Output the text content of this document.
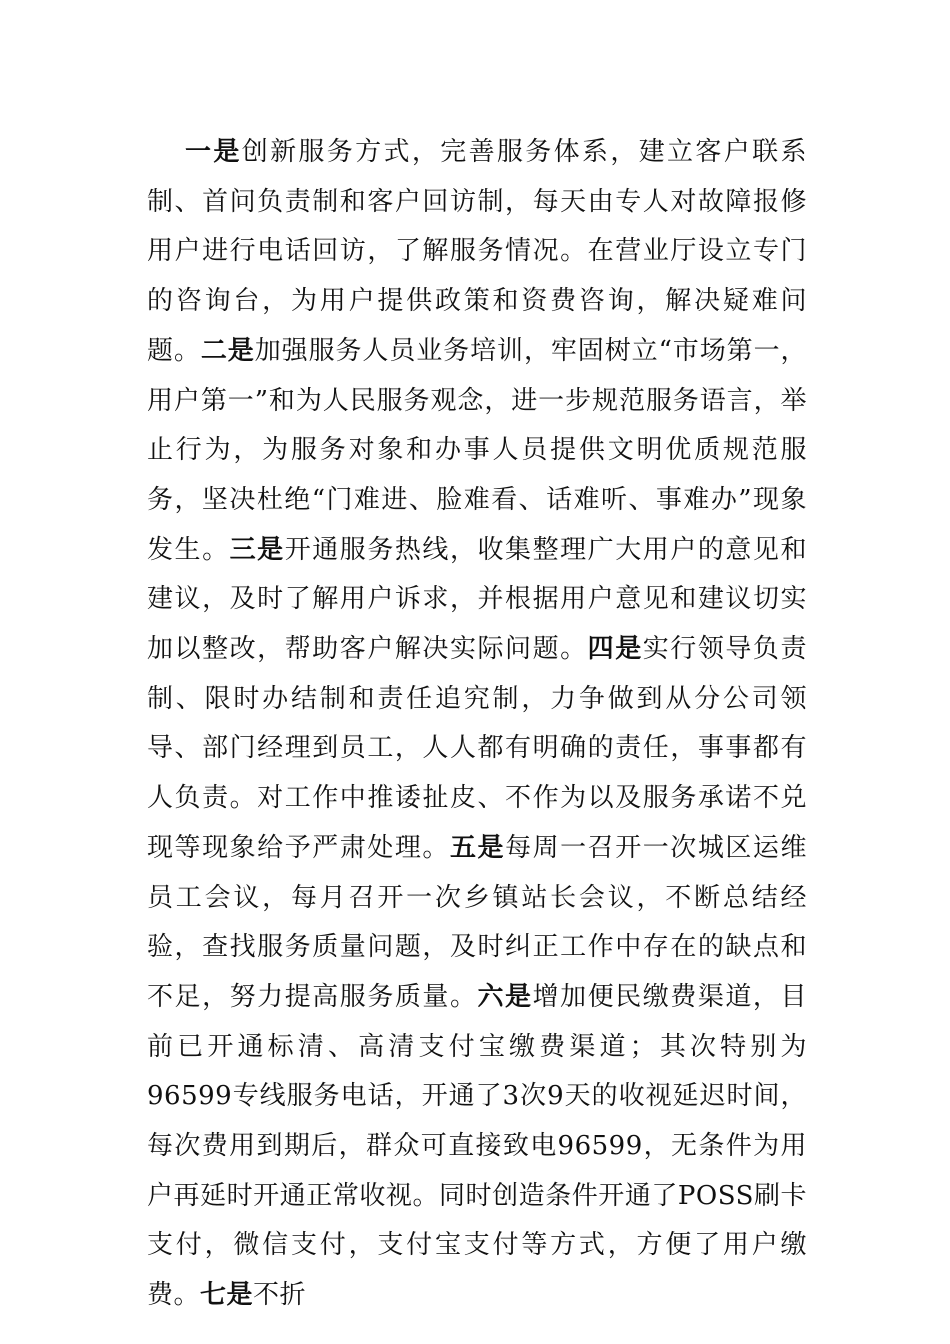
一是创新服务方式，完善服务体系，建立客户联系制、首问负责制和客户回访制，每天由专人对故障报修用户进行电话回访，了解服务情况。在营业厅设立专门的咨询台，为用户提供政策和资费咨询，解决疑难问题。二是加强服务人员业务培训，牢固树立“市场第一，用户第一”和为人民服务观念，进一步规范服务语言，举止行为，为服务对象和办事人员提供文明优质规范服务，坚决杜绝“门难进、脸难看、话难听、事难办”现象发生。三是开通服务热线，收集整理广大用户的意见和建议，及时了解用户诉求，并根据用户意见和建议切实加以整改，帮助客户解决实际问题。四是实行领导负责制、限时办结制和责任追究制，力争做到从分公司领导、部门经理到员工，人人都有明确的责任，事事都有人负责。对工作中推诿扯皮、不作为以及服务承诺不兑现等现象给予严肃处理。五是每周一召开一次城区运维员工会议，每月召开一次乡镇站长会议，不断总结经验，查找服务质量问题，及时纠正工作中存在的缺点和不足，努力提高服务质量。六是增加便民缴费渠道，目前已开通标清、高清支付宝缴费渠道；其次特别为96599专线服务电话，开通了3次9天的收视延迟时间，每次费用到期后，群众可直接致电96599，无条件为用户再延时开通正常收视。同时创造条件开通了POSS刷卡支付，微信支付，支付宝支付等方式，方便了用户缴费。七是不折
